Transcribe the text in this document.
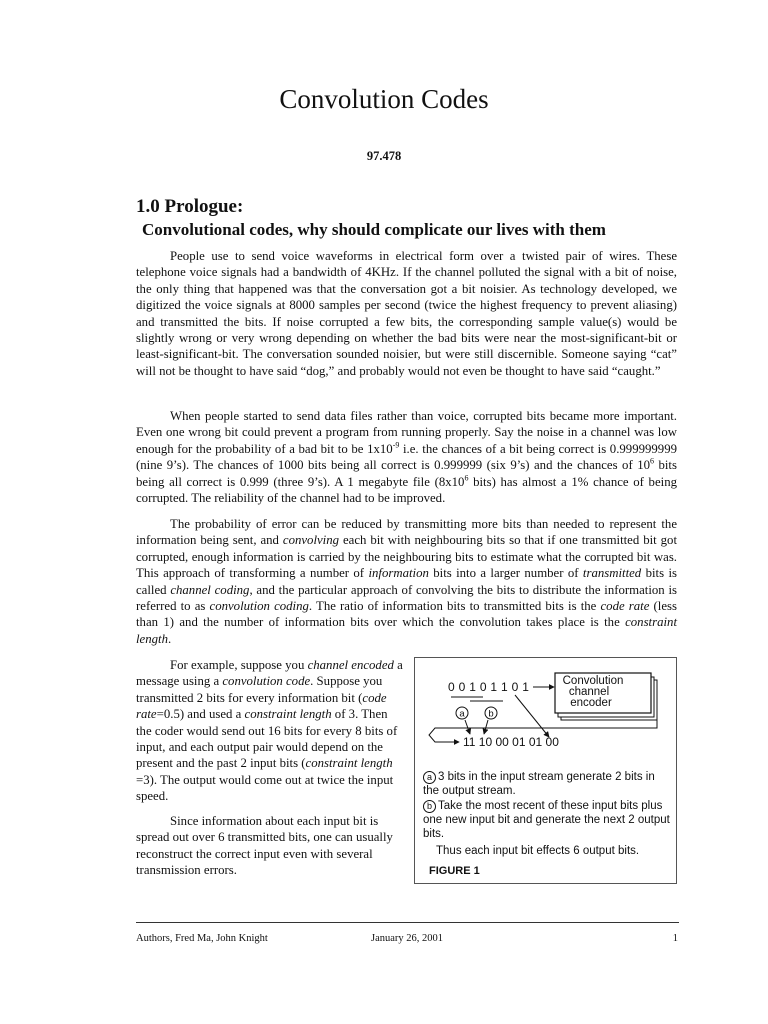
Convolution Codes
97.478
1.0 Prologue:
Convolutional codes, why should complicate our lives with them

People use to send voice waveforms in electrical form over a twisted pair of wires. These telephone voice signals had a bandwidth of 4KHz. If the channel polluted the signal with a bit of noise, the only thing that happened was that the conversation got a bit noisier. As technology developed, we digitized the voice signals at 8000 samples per second (twice the highest frequency to prevent aliasing) and transmitted the bits. If noise corrupted a few bits, the corresponding sample value(s) would be slightly wrong or very wrong depending on whether the bad bits were near the most-significant-bit or least-significant-bit. The conversation sounded noisier, but were still discernible. Someone saying “cat” will not be thought to have said “dog,” and probably would not even be thought to have said “caught.”

When people started to send data files rather than voice, corrupted bits became more important. Even one wrong bit could prevent a program from running properly. Say the noise in a channel was low enough for the probability of a bad bit to be $1x10^{-9}$ i.e. the chances of a bit being correct is 0.999999999 (nine 9’s). The chances of 1000 bits being all correct is 0.999999 (six 9’s) and the chances of $10^6$ bits being all correct is 0.999 (three 9’s). A 1 megabyte file ($8x10^6$ bits) has almost a 1% chance of being corrupted. The reliability of the channel had to be improved.

The probability of error can be reduced by transmitting more bits than needed to represent the information being sent, and convolving each bit with neighbouring bits so that if one transmitted bit got corrupted, enough information is carried by the neighbouring bits to estimate what the corrupted bit was. This approach of transforming a number of information bits into a larger number of transmitted bits is called channel coding, and the particular approach of convolving the bits to distribute the information is referred to as convolution coding. The ratio of information bits to transmitted bits is the code rate (less than 1) and the number of information bits over which the convolution takes place is the constraint length.

For example, suppose you channel encoded a message using a convolution code. Suppose you transmitted 2 bits for every information bit (code rate=0.5) and used a constraint length of 3. Then the coder would send out 16 bits for every 8 bits of input, and each output pair would depend on the present and the past 2 input bits (constraint length =3). The output would come out at twice the input speed.

Since information about each input bit is spread out over 6 transmitted bits, one can usually reconstruct the correct input even with several transmission errors.

Convolution
channel
encoder
0 0 1 0 1 1 0 1
a b
11 10 00 01 01 00
a 3 bits in the input stream generate 2 bits in the output stream.
b Take the most recent of these input bits plus one new input bit and generate the next 2 output bits.
Thus each input bit effects 6 output bits.
FIGURE 1
Authors, Fred Ma, John Knight	January 26, 2001	1
